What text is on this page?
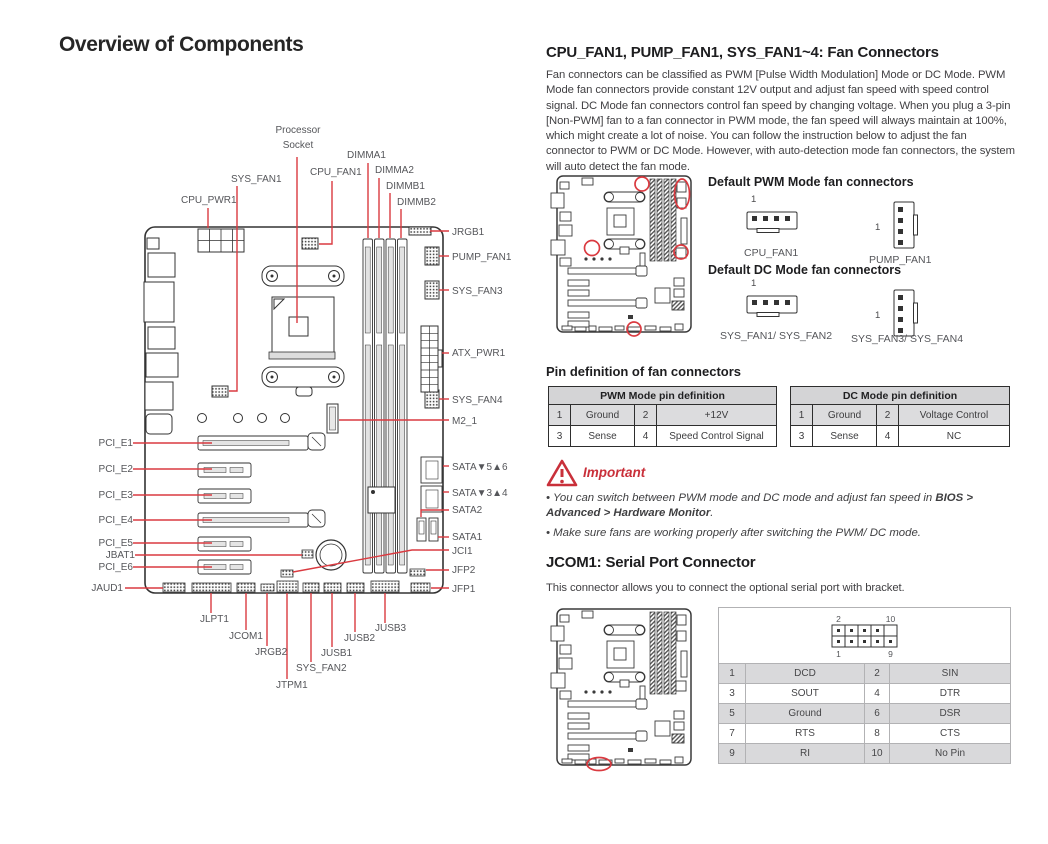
Overview of Components
CPU_PWR1
SYS_FAN1
Processor
Socket
CPU_FAN1
DIMMA1
DIMMA2
DIMMB1
DIMMB2
JRGB1
PUMP_FAN1
SYS_FAN3
ATX_PWR1
SYS_FAN4
M2_1
SATA▼5▲6
SATA▼3▲4
SATA2
SATA1
JCI1
JFP2
JFP1
PCI_E1
PCI_E2
PCI_E3
PCI_E4
PCI_E5
JBAT1
PCI_E6
JAUD1
JLPT1
JCOM1
JRGB2
JTPM1
SYS_FAN2
JUSB1
JUSB2
JUSB3
CPU_FAN1, PUMP_FAN1, SYS_FAN1~4: Fan Connectors
Fan connectors can be classified as PWM [Pulse Width Modulation] Mode or DC Mode. PWM Mode fan connectors provide constant 12V output and adjust fan speed with speed control signal. DC Mode fan connectors control fan speed by changing voltage. When you plug a 3-pin [Non-PWM] fan to a fan connector in PWM mode, the fan speed will always maintain at 100%, which might create a lot of noise. You can follow the instruction below to adjust the fan connector to PWM or DC Mode. However, with auto-detection mode fan connectors, the system will auto detect the fan mode.
Default PWM Mode fan connectors
1
CPU_FAN1
1
PUMP_FAN1
Default DC Mode fan connectors
1
SYS_FAN1/ SYS_FAN2
1
SYS_FAN3/ SYS_FAN4
Pin definition of fan connectors
PWM Mode pin definition			
1	Ground	2	+12V
3	Sense	4	Speed Control Signal
DC Mode pin definition			
1	Ground	2	Voltage Control
3	Sense	4	NC
Important
• You can switch between PWM mode and DC mode and adjust fan speed in BIOS > Advanced > Hardware Monitor.
• Make sure fans are working properly after switching the PWM/ DC mode.
JCOM1: Serial Port Connector
This connector allows you to connect the optional serial port with bracket.
2 10
1 9			

1	DCD	2	SIN
3	SOUT	4	DTR
5	Ground	6	DSR
7	RTS	8	CTS
9	RI	10	No Pin
